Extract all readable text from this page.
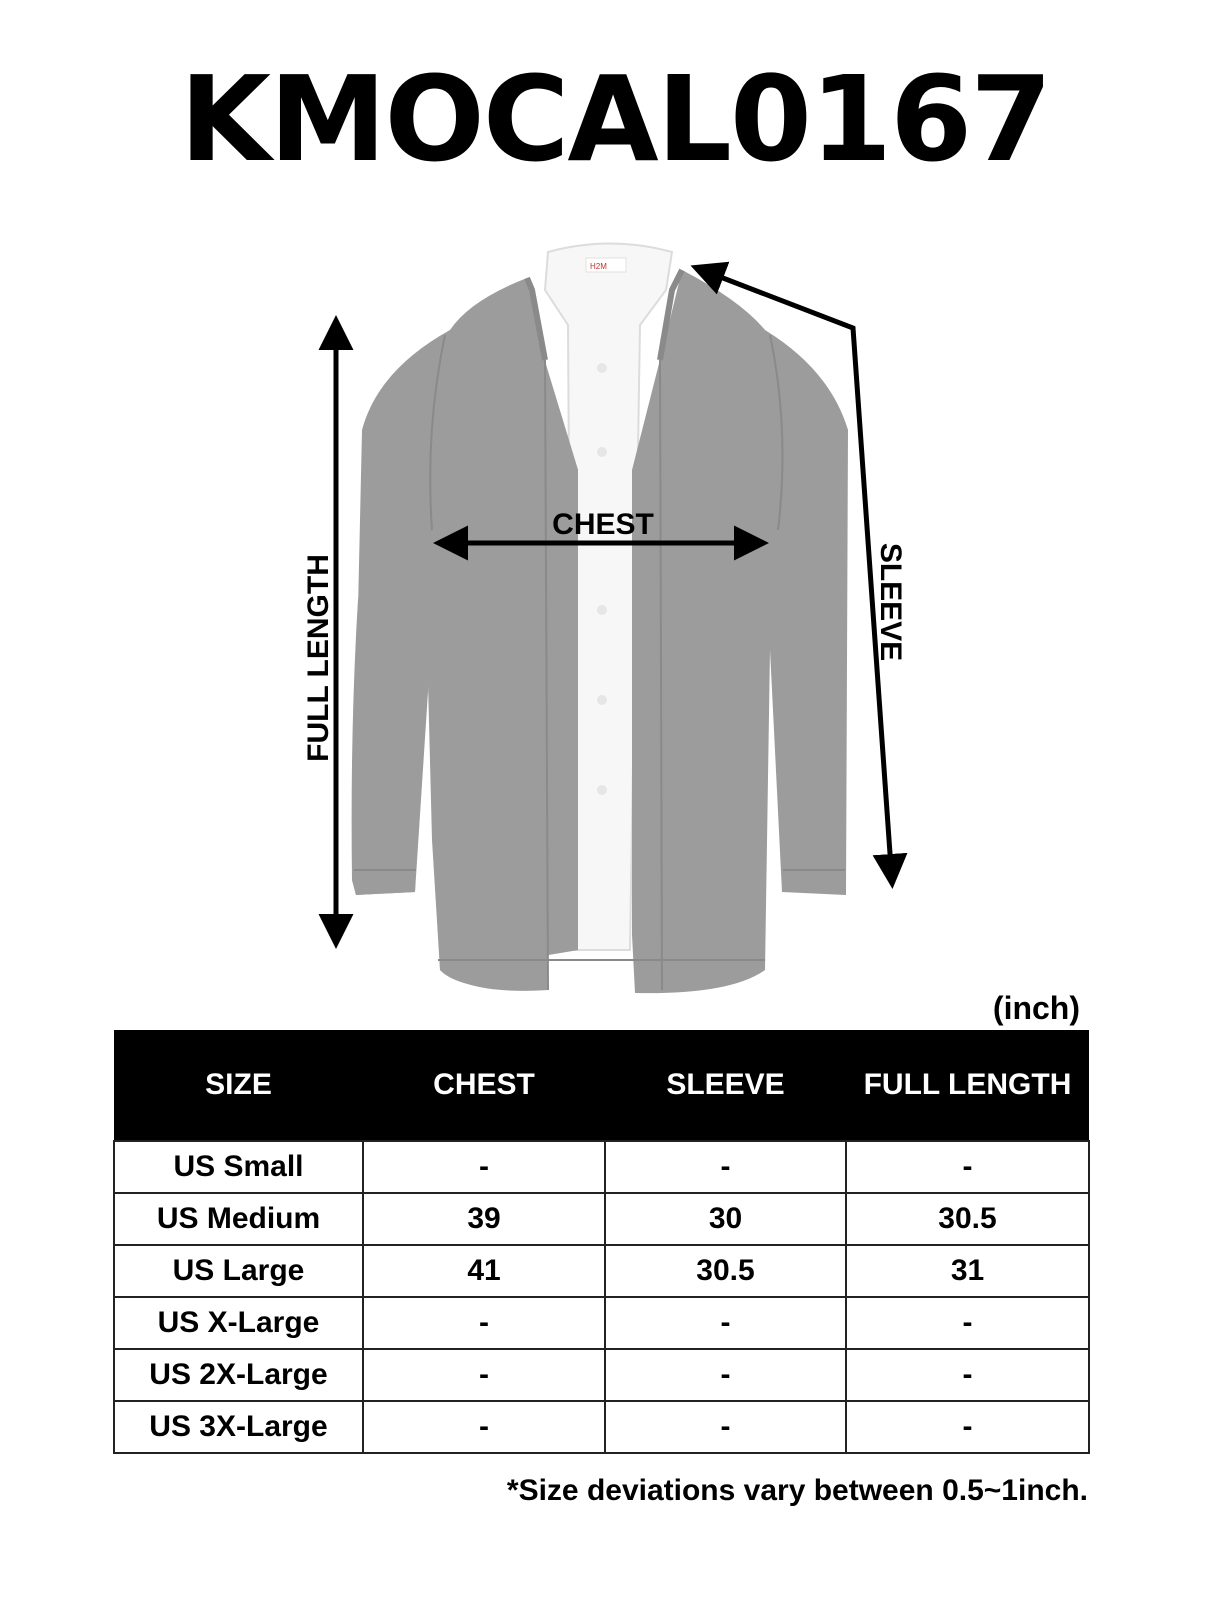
KMOCAL0167
H2M
CHEST
FULL LENGTH	SLEEVE
(inch)
SIZE	CHEST	SLEEVE	FULL LENGTH
US Small	-	-	-
US Medium	39	30	30.5
US Large	41	30.5	31
US X-Large	-	-	-
US 2X-Large	-	-	-
US 3X-Large	-	-	-
*Size deviations vary between 0.5~1inch.
